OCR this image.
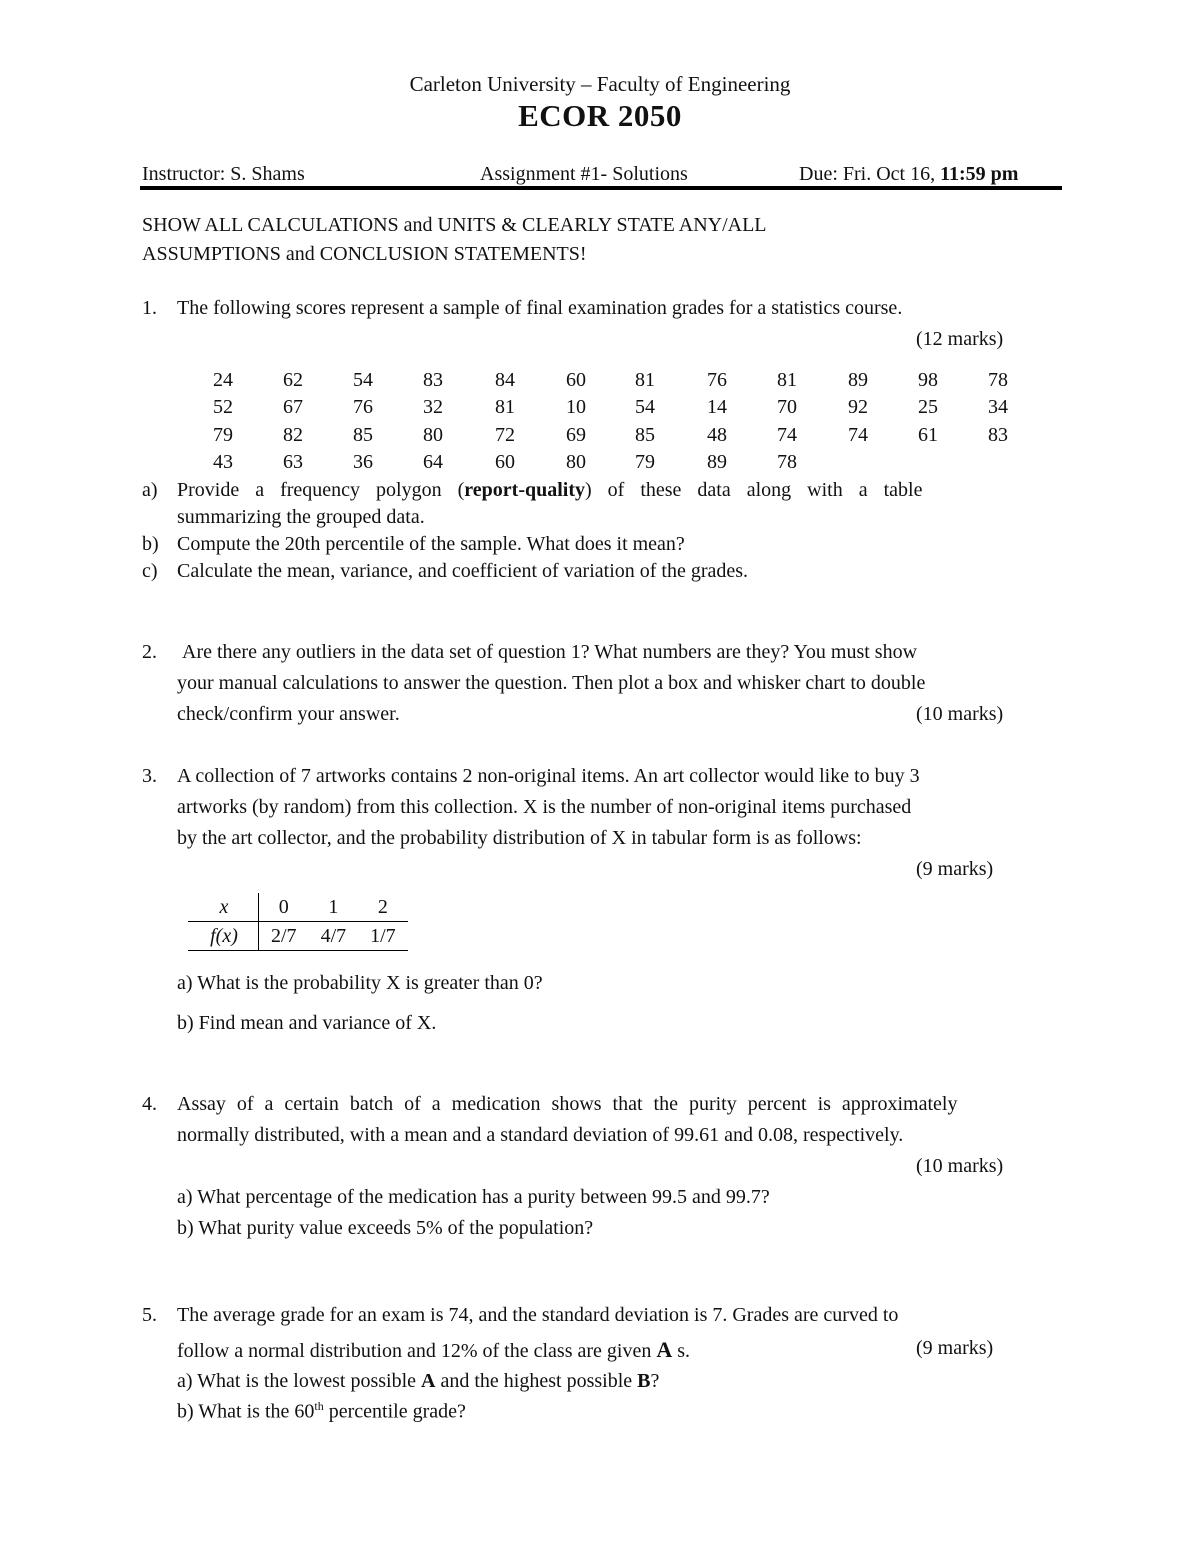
Carleton University – Faculty of Engineering
ECOR 2050
Instructor: S. Shams	Assignment #1- Solutions	Due: Fri. Oct 16, 11:59 pm
SHOW ALL CALCULATIONS and UNITS & CLEARLY STATE ANY/ALL
ASSUMPTIONS and CONCLUSION STATEMENTS!
1. The following scores represent a sample of final examination grades for a statistics course.
(12 marks)
24	62	54	83	84	60	81	76	81	89	98	78
52	67	76	32	81	10	54	14	70	92	25	34
79	82	85	80	72	69	85	48	74	74	61	83
43	63	36	64	60	80	79	89	78
a) Provide a frequency polygon (report-quality) of these data along with a table
summarizing the grouped data.
b) Compute the 20th percentile of the sample. What does it mean?
c) Calculate the mean, variance, and coefficient of variation of the grades.
2. Are there any outliers in the data set of question 1? What numbers are they? You must show
your manual calculations to answer the question. Then plot a box and whisker chart to double
check/confirm your answer.	(10 marks)
3. A collection of 7 artworks contains 2 non-original items. An art collector would like to buy 3
artworks (by random) from this collection. X is the number of non-original items purchased
by the art collector, and the probability distribution of X in tabular form is as follows:
(9 marks)
x	0	1	2
f(x)	2/7	4/7	1/7
a) What is the probability X is greater than 0?
b) Find mean and variance of X.
4. Assay of a certain batch of a medication shows that the purity percent is approximately
normally distributed, with a mean and a standard deviation of 99.61 and 0.08, respectively.
(10 marks)
a) What percentage of the medication has a purity between 99.5 and 99.7?
b) What purity value exceeds 5% of the population?
5. The average grade for an exam is 74, and the standard deviation is 7. Grades are curved to
follow a normal distribution and 12% of the class are given A s.	(9 marks)
a) What is the lowest possible A and the highest possible B?
b) What is the 60th percentile grade?
